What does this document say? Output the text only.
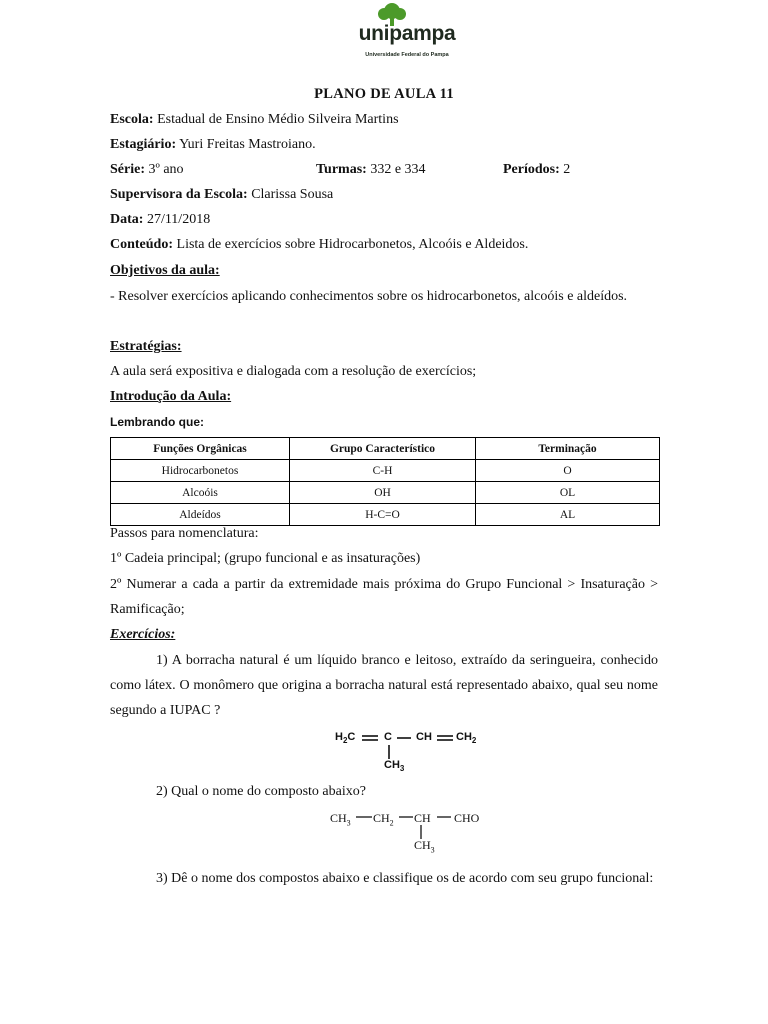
unipampa
Universidade Federal do Pampa
PLANO DE AULA 11
Escola: Estadual de Ensino Médio Silveira Martins
Estagiário: Yuri Freitas Mastroiano.
Série: 3º ano	Turmas: 332 e 334	Períodos: 2
Supervisora da Escola: Clarissa Sousa
Data: 27/11/2018
Conteúdo: Lista de exercícios sobre Hidrocarbonetos, Alcoóis e Aldeidos.
Objetivos da aula:
- Resolver exercícios aplicando conhecimentos sobre os hidrocarbonetos, alcoóis e aldeídos.
Estratégias:
A aula será expositiva e dialogada com a resolução de exercícios;
Introdução da Aula:
Lembrando que:
Funções Orgânicas	Grupo Característico	Terminação
Hidrocarbonetos	C-H	O
Alcoóis	OH	OL
Aldeídos	H-C=O	AL
Passos para nomenclatura:
1º Cadeia principal; (grupo funcional e as insaturações)
2º Numerar a cada a partir da extremidade mais próxima do Grupo Funcional > Insaturação > Ramificação;
Exercícios:
1) A borracha natural é um líquido branco e leitoso, extraído da seringueira, conhecido como látex. O monômero que origina a borracha natural está representado abaixo, qual seu nome segundo a IUPAC ?
$H_2C$	C CH $CH_2$
$CH_3$
2) Qual o nome do composto abaixo?
$CH_3$ $CH_2$ CH CHO
$CH_3$
3) Dê o nome dos compostos abaixo e classifique os de acordo com seu grupo funcional:
